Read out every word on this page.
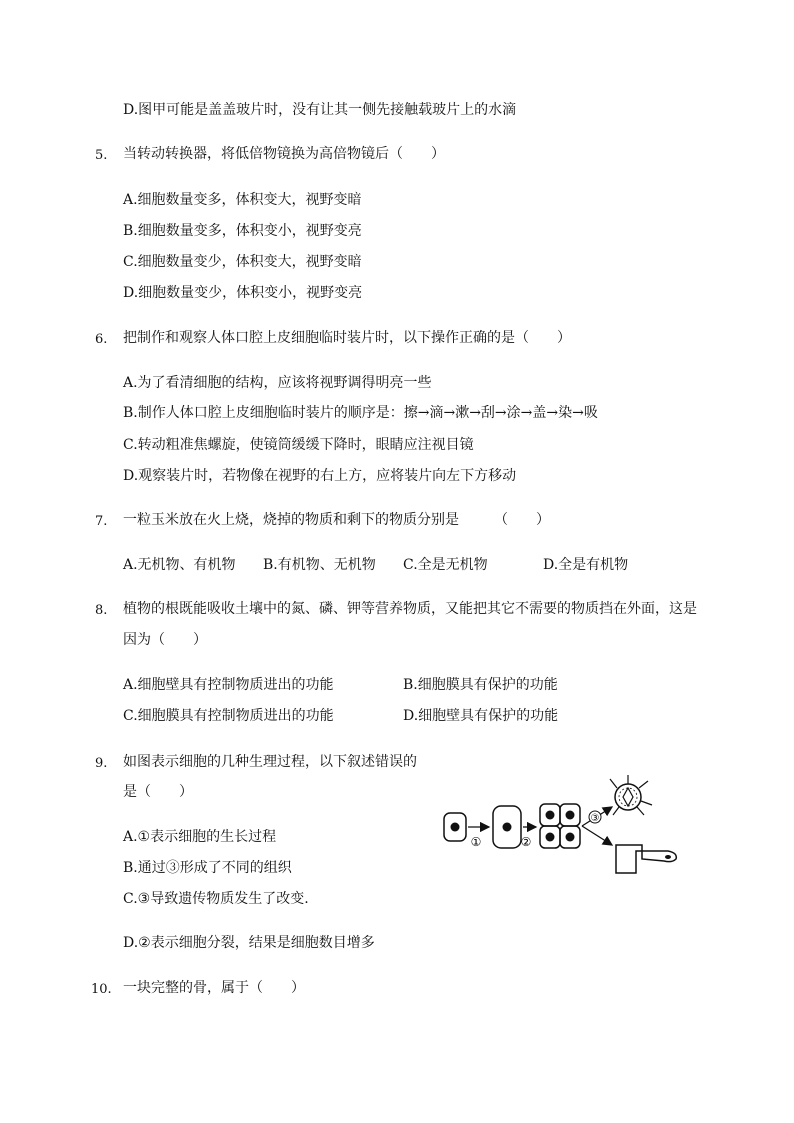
D.图甲可能是盖盖玻片时，没有让其一侧先接触载玻片上的水滴
5. 当转动转换器，将低倍物镜换为高倍物镜后（　　）
A.细胞数量变多，体积变大，视野变暗
B.细胞数量变多，体积变小，视野变亮
C.细胞数量变少，体积变大，视野变暗
D.细胞数量变少，体积变小，视野变亮
6. 把制作和观察人体口腔上皮细胞临时装片时，以下操作正确的是（　　）
A.为了看清细胞的结构，应该将视野调得明亮一些
B.制作人体口腔上皮细胞临时装片的顺序是：擦→滴→漱→刮→涂→盖→染→吸
C.转动粗准焦螺旋，使镜筒缓缓下降时，眼睛应注视目镜
D.观察装片时，若物像在视野的右上方，应将装片向左下方移动
7. 一粒玉米放在火上烧，烧掉的物质和剩下的物质分别是　　　（　　）
A.无机物、有机物 B.有机物、无机物 C.全是无机物	D.全是有机物
8. 植物的根既能吸收土壤中的氮、磷、钾等营养物质，又能把其它不需要的物质挡在外面，这是
因为（　　）
A.细胞壁具有控制物质进出的功能	B.细胞膜具有保护的功能
C.细胞膜具有控制物质进出的功能	D.细胞壁具有保护的功能
9. 如图表示细胞的几种生理过程，以下叙述错误的
是（　　）
A.①表示细胞的生长过程
B.通过③形成了不同的组织
C.③导致遗传物质发生了改变.
D.②表示细胞分裂，结果是细胞数目增多
①	②
③
10. 一块完整的骨，属于（　　）
